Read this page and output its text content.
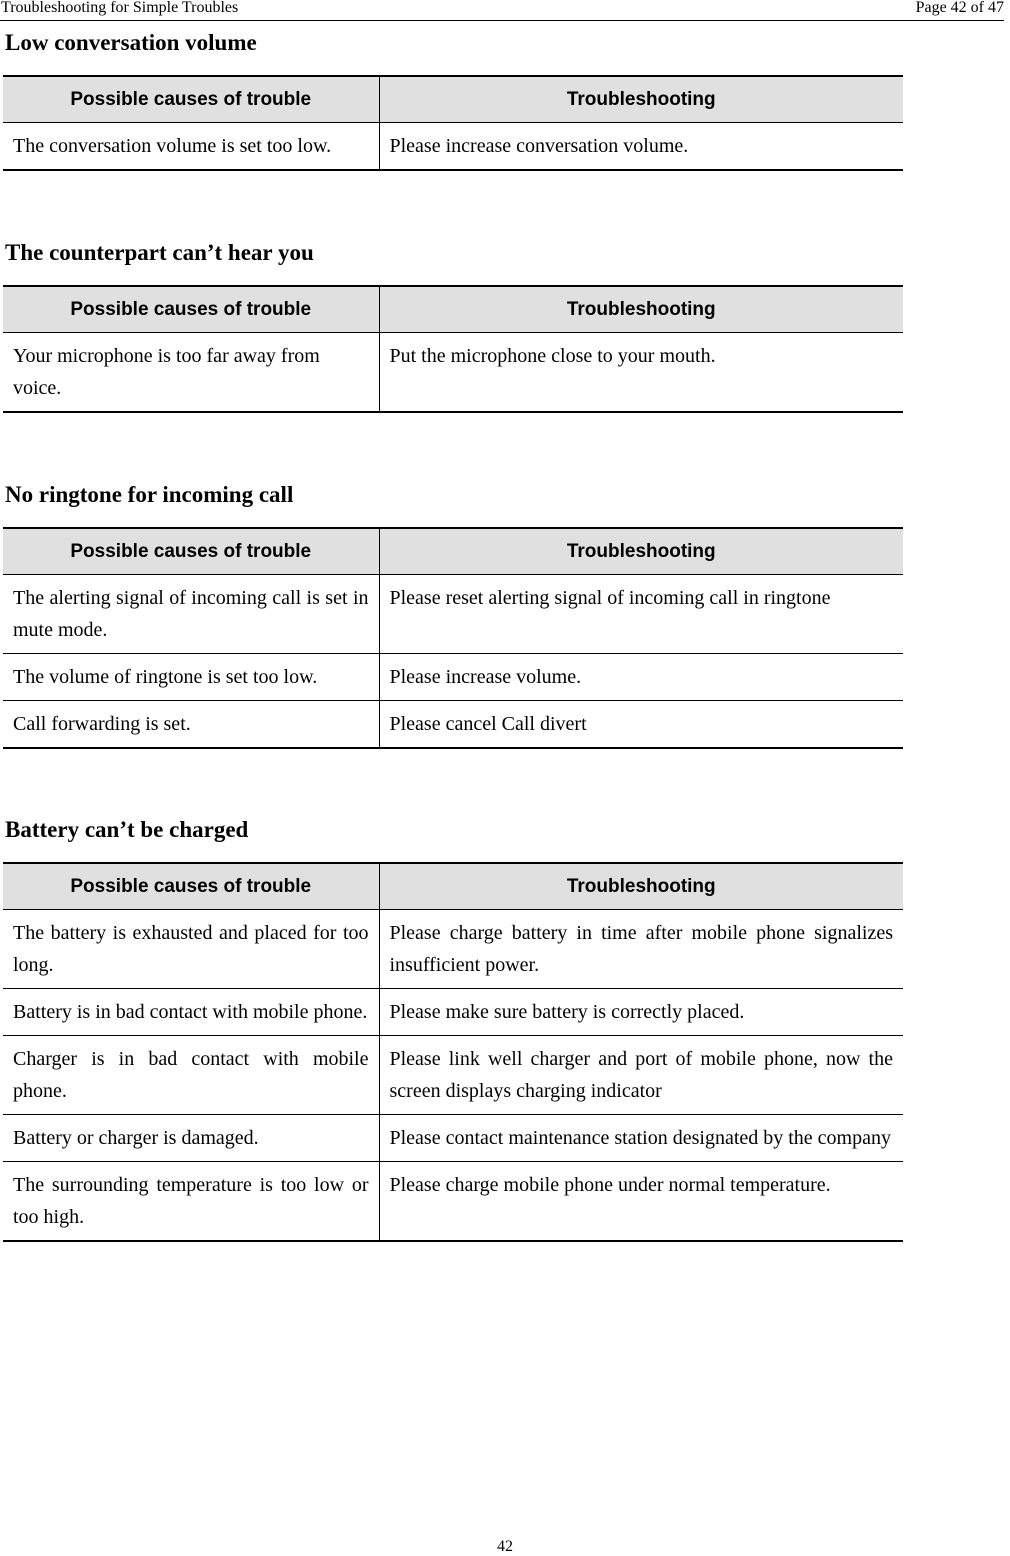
Troubleshooting for Simple Troubles	Page 42 of 47
Low conversation volume
Possible causes of trouble	Troubleshooting
The conversation volume is set too low.	Please increase conversation volume.
The counterpart can’t hear you
Possible causes of trouble	Troubleshooting
Your microphone is too far away from voice.	Put the microphone close to your mouth.
No ringtone for incoming call
Possible causes of trouble	Troubleshooting
The alerting signal of incoming call is set in mute mode.	Please reset alerting signal of incoming call in ringtone
The volume of ringtone is set too low.	Please increase volume.
Call forwarding is set.	Please cancel Call divert
Battery can’t be charged
Possible causes of trouble	Troubleshooting
The battery is exhausted and placed for too long.	Please charge battery in time after mobile phone signalizes insufficient power.
Battery is in bad contact with mobile phone.	Please make sure battery is correctly placed.
Charger is in bad contact with mobile phone.	Please link well charger and port of mobile phone, now the screen displays charging indicator
Battery or charger is damaged.	Please contact maintenance station designated by the company
The surrounding temperature is too low or too high.	Please charge mobile phone under normal temperature.
42
